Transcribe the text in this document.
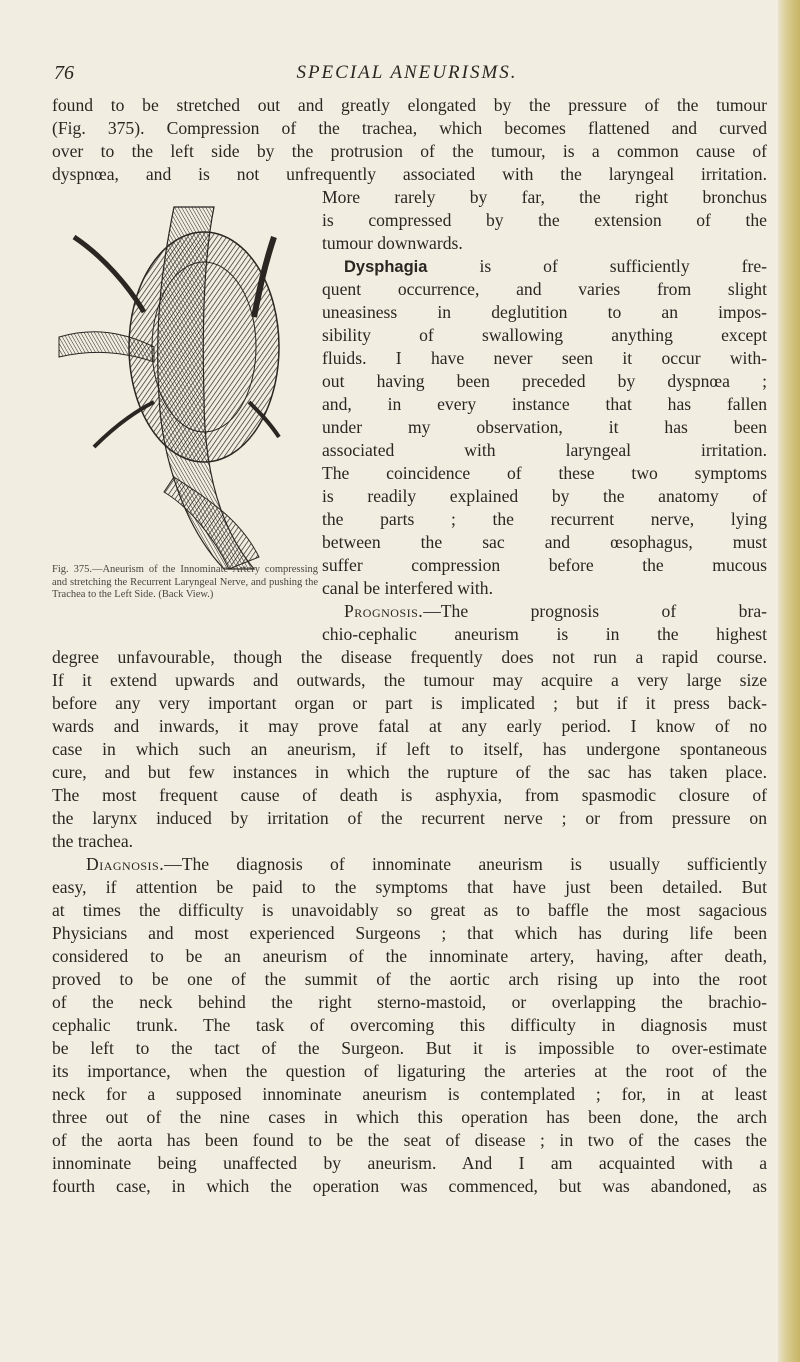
76	SPECIAL ANEURISMS.
found to be stretched out and greatly elongated by the pressure of the tumour
(Fig. 375). Compression of the trachea, which becomes flattened and curved
over to the left side by the protrusion of the tumour, is a common cause of
dyspnœa, and is not unfrequently associated with the laryngeal irritation.
More rarely by far, the right bronchus
is compressed by the extension of the
tumour downwards.
Dysphagia is of sufficiently fre-
quent occurrence, and varies from slight
uneasiness in deglutition to an impos-
sibility of swallowing anything except
fluids. I have never seen it occur with-
out having been preceded by dyspnœa ;
and, in every instance that has fallen
under my observation, it has been
associated with laryngeal irritation.
The coincidence of these two symptoms
is readily explained by the anatomy of
the parts ; the recurrent nerve, lying
between the sac and œsophagus, must
suffer compression before the mucous
canal be interfered with.
Prognosis.—The prognosis of bra-
chio-cephalic aneurism is in the highest
Fig. 375.—Aneurism of the Innominate Artery compressing and stretching the Recurrent Laryngeal Nerve, and pushing the Trachea to the Left Side. (Back View.)
degree unfavourable, though the disease frequently does not run a rapid course.
If it extend upwards and outwards, the tumour may acquire a very large size
before any very important organ or part is implicated ; but if it press back-
wards and inwards, it may prove fatal at any early period. I know of no
case in which such an aneurism, if left to itself, has undergone spontaneous
cure, and but few instances in which the rupture of the sac has taken place.
The most frequent cause of death is asphyxia, from spasmodic closure of
the larynx induced by irritation of the recurrent nerve ; or from pressure on
the trachea.
Diagnosis.—The diagnosis of innominate aneurism is usually sufficiently
easy, if attention be paid to the symptoms that have just been detailed. But
at times the difficulty is unavoidably so great as to baffle the most sagacious
Physicians and most experienced Surgeons ; that which has during life been
considered to be an aneurism of the innominate artery, having, after death,
proved to be one of the summit of the aortic arch rising up into the root
of the neck behind the right sterno-mastoid, or overlapping the brachio-
cephalic trunk. The task of overcoming this difficulty in diagnosis must
be left to the tact of the Surgeon. But it is impossible to over-estimate
its importance, when the question of ligaturing the arteries at the root of the
neck for a supposed innominate aneurism is contemplated ; for, in at least
three out of the nine cases in which this operation has been done, the arch
of the aorta has been found to be the seat of disease ; in two of the cases the
innominate being unaffected by aneurism. And I am acquainted with a
fourth case, in which the operation was commenced, but was abandoned, as
